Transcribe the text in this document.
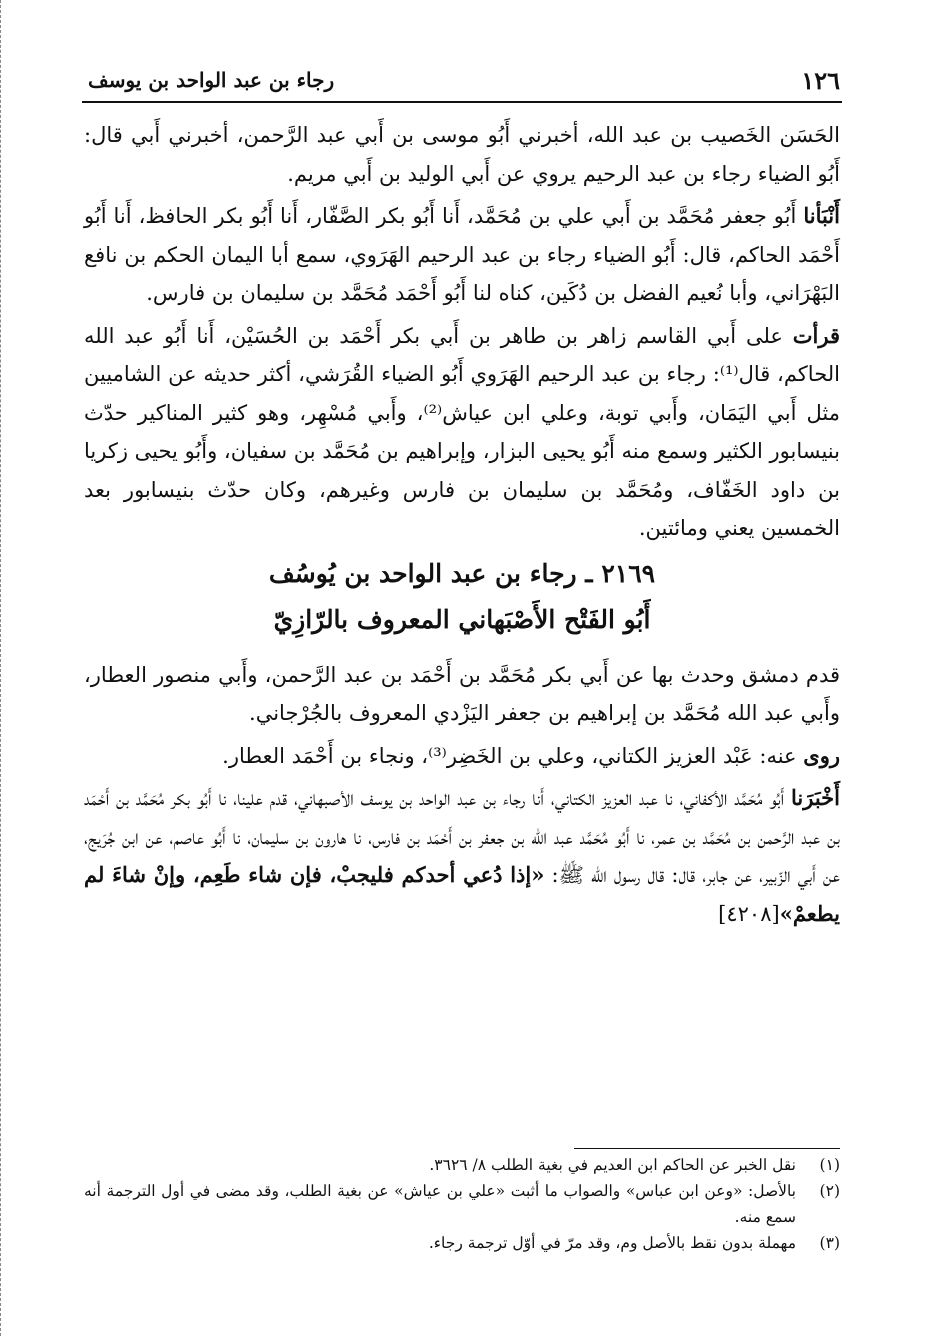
١٢٦
رجاء بن عبد الواحد بن يوسف

الحَسَن الخَصيب بن عبد الله، أخبرني أَبُو موسى بن أَبي عبد الرَّحمن، أخبرني أَبي قال: أَبُو الضياء رجاء بن عبد الرحيم يروي عن أَبي الوليد بن أَبي مريم.

أَنْبَأنا أَبُو جعفر مُحَمَّد بن أَبي علي بن مُحَمَّد، أَنا أَبُو بكر الصَّفّار، أَنا أَبُو بكر الحافظ، أَنا أَبُو أَحْمَد الحاكم، قال: أَبُو الضياء رجاء بن عبد الرحيم الهَرَوي، سمع أبا اليمان الحكم بن نافع البَهْرَاني، وأبا نُعيم الفضل بن دُكَين، كناه لنا أَبُو أَحْمَد مُحَمَّد بن سليمان بن فارس.

قرأت على أَبي القاسم زاهر بن طاهر بن أَبي بكر أَحْمَد بن الحُسَيْن، أَنا أَبُو عبد الله الحاكم، قال⁽¹⁾: رجاء بن عبد الرحيم الهَرَوي أَبُو الضياء القُرَشي، أكثر حديثه عن الشاميين مثل أَبي اليَمَان، وأَبي توبة، وعلي ابن عياش⁽²⁾، وأَبي مُسْهِر، وهو كثير المناكير حدّث بنيسابور الكثير وسمع منه أَبُو يحيى البزار، وإبراهيم بن مُحَمَّد بن سفيان، وأَبُو يحيى زكريا بن داود الخَفّاف، ومُحَمَّد بن سليمان بن فارس وغيرهم، وكان حدّث بنيسابور بعد الخمسين يعني ومائتين.

٢١٦٩ ـ رجاء بن عبد الواحد بن يُوسُف
أَبُو الفَتْح الأَصْبَهاني المعروف بالرّازِيّ

قدم دمشق وحدث بها عن أَبي بكر مُحَمَّد بن أَحْمَد بن عبد الرَّحمن، وأَبي منصور العطار، وأَبي عبد الله مُحَمَّد بن إبراهيم بن جعفر اليَزْدي المعروف بالجُرْجاني.

روى عنه: عَبْد العزيز الكتاني، وعلي بن الخَضِر⁽³⁾، ونجاء بن أَحْمَد العطار.

أَخْبَرَنا أَبُو مُحَمَّد الأكفاني، نا عبد العزيز الكتاني، أَنا رجاء بن عبد الواحد بن يوسف الأصبهاني، قدم علينا، نا أَبُو بكر مُحَمَّد بن أَحْمَد بن عبد الرَّحمن بن مُحَمَّد بن عمر، نا أَبُو مُحَمَّد عبد الله بن جعفر بن أَحْمَد بن فارس، نا هارون بن سليمان، نا أَبُو عاصم، عن ابن جُرَيج، عن أَبي الزّبير، عن جابر، قال: قال رسول الله ﷺ: «إذا دُعي أحدكم فليجبْ، فإن شاء طَعِم، وإنْ شاءَ لم يطعمْ»[٤٢٠٨]

(١)
نقل الخبر عن الحاكم ابن العديم في بغية الطلب ٨/ ٣٦٢٦.

(٢)
بالأصل: «وعن ابن عباس» والصواب ما أثبت «علي بن عياش» عن بغية الطلب، وقد مضى في أول الترجمة أنه سمع منه.

(٣)
مهملة بدون نقط بالأصل وم، وقد مرّ في أوّل ترجمة رجاء.
